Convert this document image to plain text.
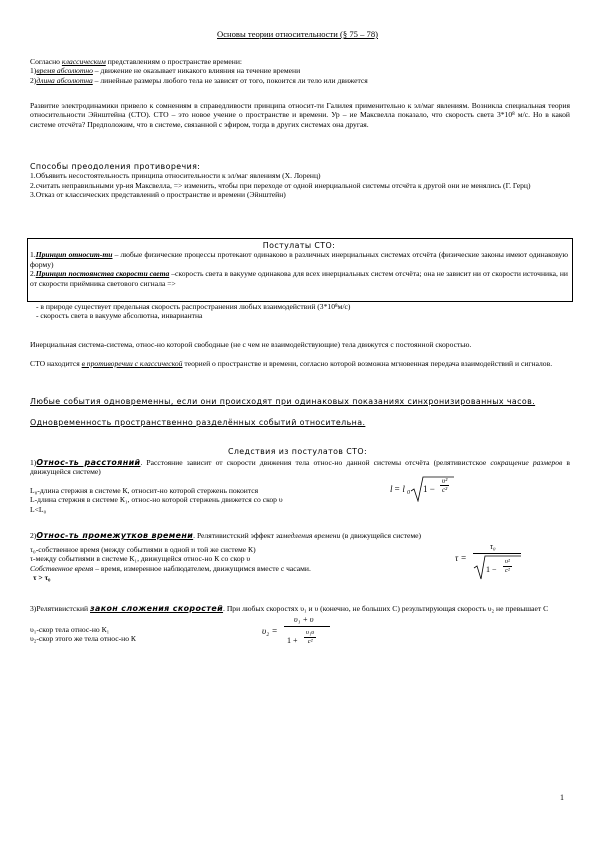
Основы теории относительности (§ 75 – 78)
Согласно классическим представлениям о пространстве времени:
1)время абсолютно – движение не оказывает никакого влияния на течение времени
2)длина абсолютна – линейные размеры любого тела не зависят от того, покоится ли тело или движется
Развитие электродинамики привело к сомнениям в справедливости принципа относит-ти Галилея применительно к эл/маг явлениям. Возникла специальная теория относительности Эйнштейна (СТО). СТО – это новое учение о пространстве и времени. Ур – ие Максвелла показало, что скорость света 3*10⁸ м/с. Но в какой системе отсчёта? Предположим, что в системе, связанной с эфиром, тогда в других системах она другая.
Способы преодоления противоречия:
1.Объявить несостоятельность принципа относительности к эл/маг явлениям (Х. Лоренц)
2.считать неправильными ур-ия Максвелла, => изменить, чтобы при переходе от одной инерциальной системы отсчёта к другой они не менялись (Г. Герц)
3.Отказ от классических представлений о пространстве и времени (Эйнштейн)
Постулаты СТО:
1.Принцип относит-ти – любые физические процессы протекают одинаково в различных инерциальных системах отсчёта (физические законы имеют одинаковую форму)
2.Принцип постоянства скорости света –скорость света в вакууме одинакова для всех инерциальных систем отсчёта; она не зависит ни от скорости источника, ни от скорости приёмника светового сигнала =>
- в природе существует предельная скорость распространения любых взаимодействий (3*10⁸м/с)
- скорость света в вакууме абсолютна, инвариантна
Инерциальная система-система, относ-но которой свободные (не с чем не взаимодействующие) тела движутся с постоянной скоростью.
СТО находится в противоречии с классической теорией о пространстве и времени, согласно которой возможна мгновенная передача взаимодействий и сигналов.
Любые события одновременны, если они происходят при одинаковых показаниях синхронизированных часов.
Одновременность пространственно разделённых событий относительна.
Следствия из постулатов СТО:
1)Относ-ть расстояний. Расстояние зависит от скорости движения тела относ-но данной системы отсчёта (релятивистское сокращение размеров в движущейся системе)
L₀-длина стержня в системе К, относит-но которой стержень покоится
L-длина стержня в системе К₁, относ-но которой стержень движется со скор υ
L<L₀
l = l 0 $1 - \frac{\text{υ²}}{\text{c²}}$
2)Относ-ть промежутков времени. Релятивистский эффект замедления времени (в движущейся системе)
τ₀-собственное время (между событиями в одной и той же системе К)
τ-между событиями в системе К₁, движущейся относ-но К со скор υ
Собственное время – время, измеренное наблюдателем, движущимся вместе с часами.
τ > τ₀
τ =
τ₀
$1 - \frac{\text{υ²}}{\text{c²}}$
3)Релятивистский закон сложения скоростей. При любых скоростях υ₁ и υ (конечно, не больших С) результирующая скорость υ₂ не превышает С
υ₁-скор тела относ-но К₁
υ₂-скор этого же тела относ-но К
υ₂ =
υ₁ + υ
$1 + \frac{\text{υ₁υ}}{\text{c²}}$
1
